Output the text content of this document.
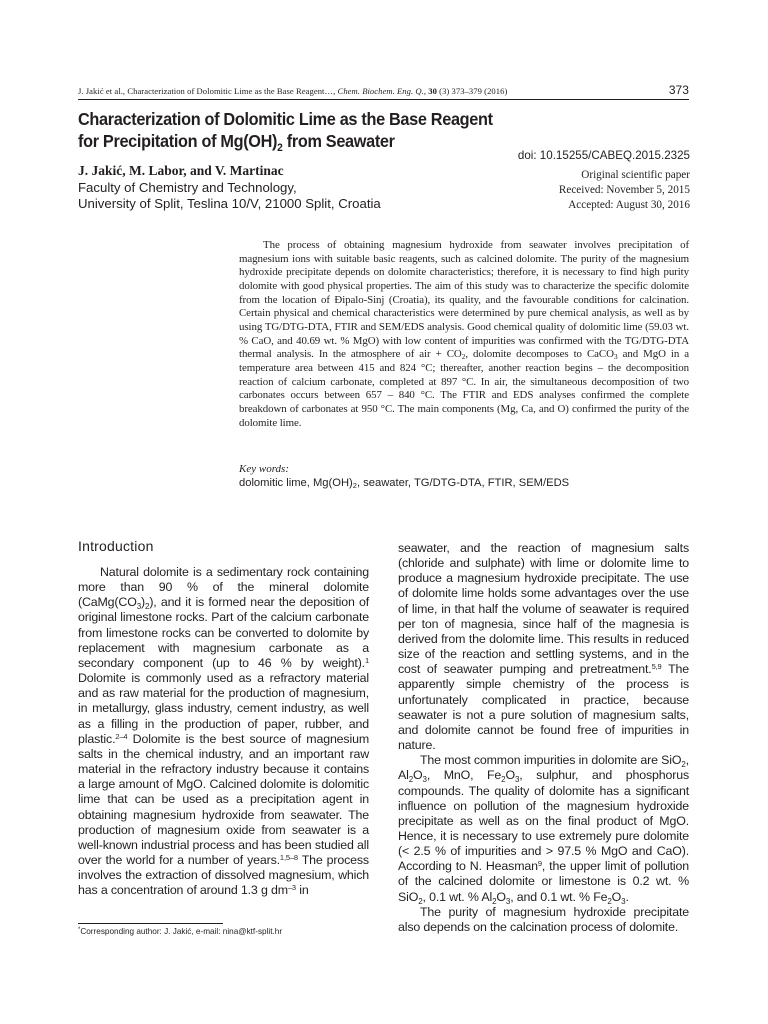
J. Jakić et al., Characterization of Dolomitic Lime as the Base Reagent…, Chem. Biochem. Eng. Q., 30 (3) 373–379 (2016)	373
Characterization of Dolomitic Lime as the Base Reagent
for Precipitation of $Mg(OH)_2$ from Seawater
doi: 10.15255/CABEQ.2015.2325
J. Jakić, M. Labor, and V. Martinac
Faculty of Chemistry and Technology,
University of Split, Teslina 10/V, 21000 Split, Croatia
Original scientific paper
Received: November 5, 2015
Accepted: August 30, 2016

The process of obtaining magnesium hydroxide from seawater involves precipitation of magnesium ions with suitable basic reagents, such as calcined dolomite. The purity of the magnesium hydroxide precipitate depends on dolomite characteristics; therefore, it is necessary to find high purity dolomite with good physical properties. The aim of this study was to characterize the specific dolomite from the location of Đipalo-Sinj (Croatia), its quality, and the favourable conditions for calcination. Certain physical and chemical characteristics were determined by pure chemical analysis, as well as by using TG/DTG-DTA, FTIR and SEM/EDS analysis. Good chemical quality of dolomitic lime (59.03 wt. % CaO, and 40.69 wt. % MgO) with low content of impurities was confirmed with the TG/DTG-DTA thermal analysis. In the atmosphere of air + $CO_2$, dolomite decomposes to CaCO$_3$ and MgO in a temperature area between 415 and 824 °C; thereafter, another reaction begins – the decomposition reaction of calcium carbonate, completed at 897 °C. In air, the simultaneous decomposition of two carbonates occurs between 657 – 840 °C. The FTIR and EDS analyses confirmed the complete breakdown of carbonates at 950 °C. The main components (Mg, Ca, and O) confirmed the purity of the dolomite lime.

Key words:
dolomitic lime, $Mg(OH)_2$, seawater, TG/DTG-DTA, FTIR, SEM/EDS
Introduction

Natural dolomite is a sedimentary rock containing more than 90 % of the mineral dolomite $(CaMg(CO_3)_2)$, and it is formed near the deposition of original limestone rocks. Part of the calcium carbonate from limestone rocks can be converted to dolomite by replacement with magnesium carbonate as a secondary component (up to 46 % by weight).$^1$ Dolomite is commonly used as a refractory material and as raw material for the production of magnesium, in metallurgy, glass industry, cement industry, as well as a filling in the production of paper, rubber, and plastic.$^{2-4}$ Dolomite is the best source of magnesium salts in the chemical industry, and an important raw material in the refractory industry because it contains a large amount of MgO. Calcined dolomite is dolomitic lime that can be used as a precipitation agent in obtaining magnesium hydroxide from seawater. The production of magnesium oxide from seawater is a well-known industrial process and has been studied all over the world for a number of years.$^{1,5-8}$ The process involves the extraction of dissolved magnesium, which has a concentration of around 1.3 g $dm^{-3}$ in

seawater, and the reaction of magnesium salts (chloride and sulphate) with lime or dolomite lime to produce a magnesium hydroxide precipitate. The use of dolomite lime holds some advantages over the use of lime, in that half the volume of seawater is required per ton of magnesia, since half of the magnesia is derived from the dolomite lime. This results in reduced size of the reaction and settling systems, and in the cost of seawater pumping and pretreatment.$^{5,9}$ The apparently simple chemistry of the process is unfortunately complicated in practice, because seawater is not a pure solution of magnesium salts, and dolomite cannot be found free of impurities in nature.

The most common impurities in dolomite are SiO$_2$, $Al_2O_3$, MnO, $Fe_2O_3$, sulphur, and phosphorus compounds. The quality of dolomite has a significant influence on pollution of the magnesium hydroxide precipitate as well as on the final product of MgO. Hence, it is necessary to use extremely pure dolomite (< 2.5 % of impurities and > 97.5 % MgO and CaO). According to N. Heasman$^9$, the upper limit of pollution of the calcined dolomite or limestone is 0.2 wt. % SiO$_2$, 0.1 wt. % $Al_2O_3$, and 0.1 wt. % $Fe_2O_3$.

The purity of magnesium hydroxide precipitate also depends on the calcination process of dolomite.

*Corresponding author: J. Jakić, e-mail: nina@ktf-split.hr
